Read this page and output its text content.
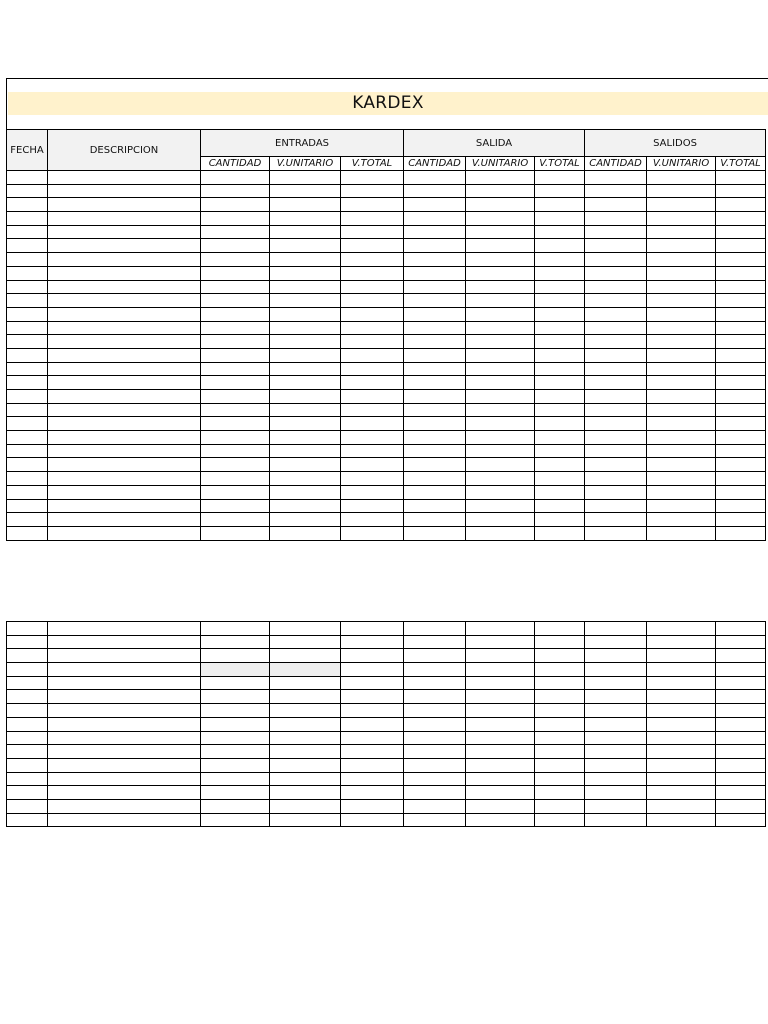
KARDEX
FECHA	DESCRIPCION	ENTRADAS			SALIDA			SALIDOS		
		CANTIDAD	V.UNITARIO	V.TOTAL	CANTIDAD	V.UNITARIO	V.TOTAL	CANTIDAD	V.UNITARIO	V.TOTAL
